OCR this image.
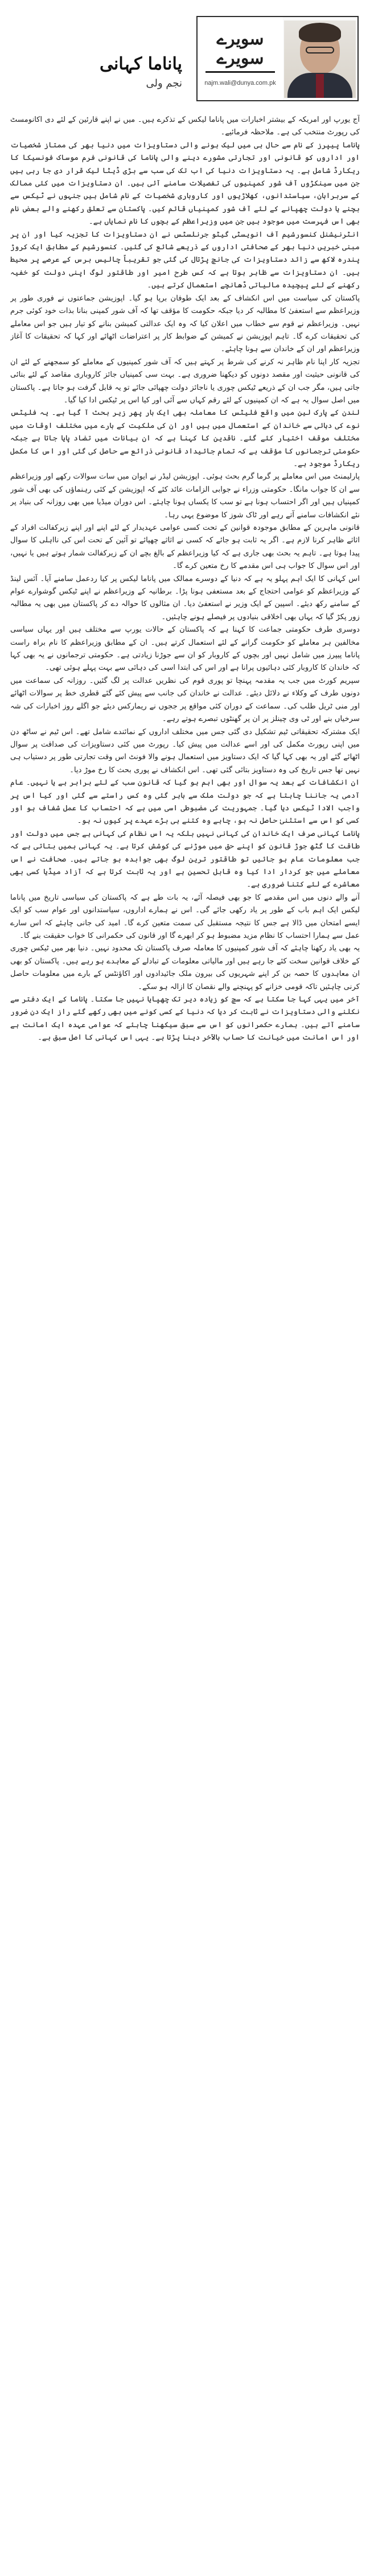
پاناما کہانی
نجم ولی
سویرے
سویرے
najm.wali@dunya.com.pk

آج یورپ اور امریکہ کے بیشتر اخبارات میں پاناما لیکس کے تذکرے ہیں۔ میں نے اپنے قارئین کے لئے دی اکانومسٹ کی رپورٹ منتخب کی ہے۔ ملاحظہ فرمائیے۔

پاناما پیپرز کے نام سے حال ہی میں لیک ہونے والی دستاویزات میں دنیا بھر کی ممتاز شخصیات اور اداروں کو قانونی اور تجارتی مشورے دینے والی پاناما کی قانونی فرم موساک فونسیکا کا ریکارڈ شامل ہے۔ یہ دستاویزات دنیا کی اب تک کی سب سے بڑی ڈیٹا لیک قرار دی جا رہی ہیں جن میں سینکڑوں آف شور کمپنیوں کی تفصیلات سامنے آئی ہیں۔ ان دستاویزات میں کئی ممالک کے سربراہان، سیاستدانوں، کھلاڑیوں اور کاروباری شخصیات کے نام شامل ہیں جنہوں نے ٹیکس سے بچنے یا دولت چھپانے کے لئے آف شور کمپنیاں قائم کیں۔ پاکستان سے تعلق رکھنے والے بعض نام بھی اس فہرست میں موجود ہیں جن میں وزیراعظم کے بچوں کا نام نمایاں ہے۔

انٹرنیشنل کنسورشیم آف انویسٹی گیٹو جرنلسٹس نے ان دستاویزات کا تجزیہ کیا اور ان پر مبنی خبریں دنیا بھر کے صحافتی اداروں کے ذریعے شائع کی گئیں۔ کنسورشیم کے مطابق ایک کروڑ پندرہ لاکھ سے زائد دستاویزات کی جانچ پڑتال کی گئی جو تقریباً چالیس برس کے عرصے پر محیط ہیں۔ ان دستاویزات سے ظاہر ہوتا ہے کہ کس طرح امیر اور طاقتور لوگ اپنی دولت کو خفیہ رکھنے کے لئے پیچیدہ مالیاتی ڈھانچے استعمال کرتے ہیں۔

پاکستان کی سیاست میں اس انکشاف کے بعد ایک طوفان برپا ہو گیا۔ اپوزیشن جماعتوں نے فوری طور پر وزیراعظم سے استعفیٰ کا مطالبہ کر دیا جبکہ حکومت کا مؤقف تھا کہ آف شور کمپنی بنانا بذات خود کوئی جرم نہیں۔ وزیراعظم نے قوم سے خطاب میں اعلان کیا کہ وہ ایک عدالتی کمیشن بنانے کو تیار ہیں جو اس معاملے کی تحقیقات کرے گا۔ تاہم اپوزیشن نے کمیشن کے ضوابط کار پر اعتراضات اٹھائے اور کہا کہ تحقیقات کا آغاز وزیراعظم اور ان کے خاندان سے ہونا چاہئے۔

تجزیہ کار اپنا نام ظاہر نہ کرنے کی شرط پر کہتے ہیں کہ آف شور کمپنیوں کے معاملے کو سمجھنے کے لئے ان کی قانونی حیثیت اور مقصد دونوں کو دیکھنا ضروری ہے۔ بہت سی کمپنیاں جائز کاروباری مقاصد کے لئے بنائی جاتی ہیں، مگر جب ان کے ذریعے ٹیکس چوری یا ناجائز دولت چھپائی جائے تو یہ قابل گرفت ہو جاتا ہے۔ پاکستان میں اصل سوال یہ ہے کہ ان کمپنیوں کے لئے رقم کہاں سے آئی اور کیا اس پر ٹیکس ادا کیا گیا۔

لندن کے پارک لین میں واقع فلیٹس کا معاملہ بھی ایک بار پھر زیر بحث آ گیا ہے۔ یہ فلیٹس نوے کی دہائی سے خاندان کے استعمال میں ہیں اور ان کی ملکیت کے بارے میں مختلف اوقات میں مختلف موقف اختیار کئے گئے۔ ناقدین کا کہنا ہے کہ ان بیانات میں تضاد پایا جاتا ہے جبکہ حکومتی ترجمانوں کا مؤقف ہے کہ تمام جائیداد قانونی ذرائع سے حاصل کی گئی اور اس کا مکمل ریکارڈ موجود ہے۔

پارلیمنٹ میں اس معاملے پر گرما گرم بحث ہوئی۔ اپوزیشن لیڈر نے ایوان میں سات سوالات رکھے اور وزیراعظم سے ان کا جواب مانگا۔ حکومتی وزراء نے جوابی الزامات عائد کئے کہ اپوزیشن کے کئی رہنماؤں کی بھی آف شور کمپنیاں ہیں اور اگر احتساب ہونا ہے تو سب کا یکساں ہونا چاہئے۔ اس دوران میڈیا میں بھی روزانہ کی بنیاد پر نئے انکشافات سامنے آتے رہے اور ٹاک شوز کا موضوع یہی رہا۔

قانونی ماہرین کے مطابق موجودہ قوانین کے تحت کسی عوامی عہدیدار کے لئے اپنے اور اپنے زیرکفالت افراد کے اثاثے ظاہر کرنا لازم ہے۔ اگر یہ ثابت ہو جائے کہ کسی نے اثاثے چھپائے تو آئین کے تحت اس کی نااہلی کا سوال پیدا ہوتا ہے۔ تاہم یہ بحث بھی جاری ہے کہ کیا وزیراعظم کے بالغ بچے ان کے زیرکفالت شمار ہوتے ہیں یا نہیں، اور اس سوال کا جواب ہی اس مقدمے کا رخ متعین کرے گا۔

اس کہانی کا ایک اہم پہلو یہ ہے کہ دنیا کے دوسرے ممالک میں پاناما لیکس پر کیا ردعمل سامنے آیا۔ آئس لینڈ کے وزیراعظم کو عوامی احتجاج کے بعد مستعفی ہونا پڑا۔ برطانیہ کے وزیراعظم نے اپنے ٹیکس گوشوارے عوام کے سامنے رکھ دیئے۔ اسپین کے ایک وزیر نے استعفیٰ دیا۔ ان مثالوں کا حوالہ دے کر پاکستان میں بھی یہ مطالبہ زور پکڑ گیا کہ یہاں بھی اخلاقی بنیادوں پر فیصلے ہونے چاہئیں۔

دوسری طرف حکومتی جماعت کا کہنا ہے کہ پاکستان کے حالات یورپ سے مختلف ہیں اور یہاں سیاسی مخالفین ہر معاملے کو حکومت گرانے کے لئے استعمال کرتے ہیں۔ ان کے مطابق وزیراعظم کا نام براہ راست پاناما پیپرز میں شامل نہیں اور بچوں کے کاروبار کو ان سے جوڑنا زیادتی ہے۔ حکومتی ترجمانوں نے یہ بھی کہا کہ خاندان کا کاروبار کئی دہائیوں پرانا ہے اور اس کی ابتدا اسی کی دہائی سے بہت پہلے ہوئی تھی۔

سپریم کورٹ میں جب یہ مقدمہ پہنچا تو پوری قوم کی نظریں عدالت پر لگ گئیں۔ روزانہ کی سماعت میں دونوں طرف کے وکلاء نے دلائل دیئے۔ عدالت نے خاندان کی جانب سے پیش کئے گئے قطری خط پر سوالات اٹھائے اور منی ٹریل طلب کی۔ سماعت کے دوران کئی مواقع پر ججوں نے ریمارکس دیئے جو اگلے روز اخبارات کی شہ سرخیاں بنے اور ٹی وی چینلز پر ان پر گھنٹوں تبصرے ہوتے رہے۔

ایک مشترکہ تحقیقاتی ٹیم تشکیل دی گئی جس میں مختلف اداروں کے نمائندے شامل تھے۔ اس ٹیم نے ساٹھ دن میں اپنی رپورٹ مکمل کی اور اسے عدالت میں پیش کیا۔ رپورٹ میں کئی دستاویزات کی صداقت پر سوال اٹھائے گئے اور یہ بھی کہا گیا کہ ایک دستاویز میں استعمال ہونے والا فونٹ اس وقت تجارتی طور پر دستیاب ہی نہیں تھا جس تاریخ کی وہ دستاویز بتائی گئی تھی۔ اس انکشاف نے پوری بحث کا رخ موڑ دیا۔

ان انکشافات کے بعد یہ سوال اور بھی اہم ہو گیا کہ قانون سب کے لئے برابر ہے یا نہیں۔ عام آدمی یہ جاننا چاہتا ہے کہ جو دولت ملک سے باہر گئی وہ کس راستے سے گئی اور کیا اس پر واجب الادا ٹیکس دیا گیا۔ جمہوریت کی مضبوطی اسی میں ہے کہ احتساب کا عمل شفاف ہو اور کسی کو اس سے استثنیٰ حاصل نہ ہو، چاہے وہ کتنے ہی بڑے عہدے پر کیوں نہ ہو۔

پاناما کہانی صرف ایک خاندان کی کہانی نہیں بلکہ یہ اس نظام کی کہانی ہے جس میں دولت اور طاقت کا گٹھ جوڑ قانون کو اپنے حق میں موڑنے کی کوشش کرتا ہے۔ یہ کہانی ہمیں بتاتی ہے کہ جب معلومات عام ہو جائیں تو طاقتور ترین لوگ بھی جوابدہ ہو جاتے ہیں۔ صحافت نے اس معاملے میں جو کردار ادا کیا وہ قابل تحسین ہے اور یہ ثابت کرتا ہے کہ آزاد میڈیا کسی بھی معاشرے کے لئے کتنا ضروری ہے۔

آنے والے دنوں میں اس مقدمے کا جو بھی فیصلہ آئے، یہ بات طے ہے کہ پاکستان کی سیاسی تاریخ میں پاناما لیکس ایک اہم باب کے طور پر یاد رکھی جائے گی۔ اس نے ہمارے اداروں، سیاستدانوں اور عوام سب کو ایک ایسے امتحان میں ڈالا ہے جس کا نتیجہ مستقبل کی سمت متعین کرے گا۔ امید کی جانی چاہئے کہ اس سارے عمل سے ہمارا احتساب کا نظام مزید مضبوط ہو کر ابھرے گا اور قانون کی حکمرانی کا خواب حقیقت بنے گا۔

یہ بھی یاد رکھنا چاہئے کہ آف شور کمپنیوں کا معاملہ صرف پاکستان تک محدود نہیں۔ دنیا بھر میں ٹیکس چوری کے خلاف قوانین سخت کئے جا رہے ہیں اور مالیاتی معلومات کے تبادلے کے معاہدے ہو رہے ہیں۔ پاکستان کو بھی ان معاہدوں کا حصہ بن کر اپنے شہریوں کی بیرون ملک جائیدادوں اور اکاؤنٹس کے بارے میں معلومات حاصل کرنی چاہئیں تاکہ قومی خزانے کو پہنچنے والے نقصان کا ازالہ ہو سکے۔

آخر میں یہی کہا جا سکتا ہے کہ سچ کو زیادہ دیر تک چھپایا نہیں جا سکتا۔ پاناما کے ایک دفتر سے نکلنے والی دستاویزات نے ثابت کر دیا کہ دنیا کے کسی کونے میں بھی رکھے گئے راز ایک دن ضرور سامنے آتے ہیں۔ ہمارے حکمرانوں کو اس سے سبق سیکھنا چاہئے کہ عوامی عہدہ ایک امانت ہے اور اس امانت میں خیانت کا حساب بالآخر دینا پڑتا ہے۔ یہی اس کہانی کا اصل سبق ہے۔
